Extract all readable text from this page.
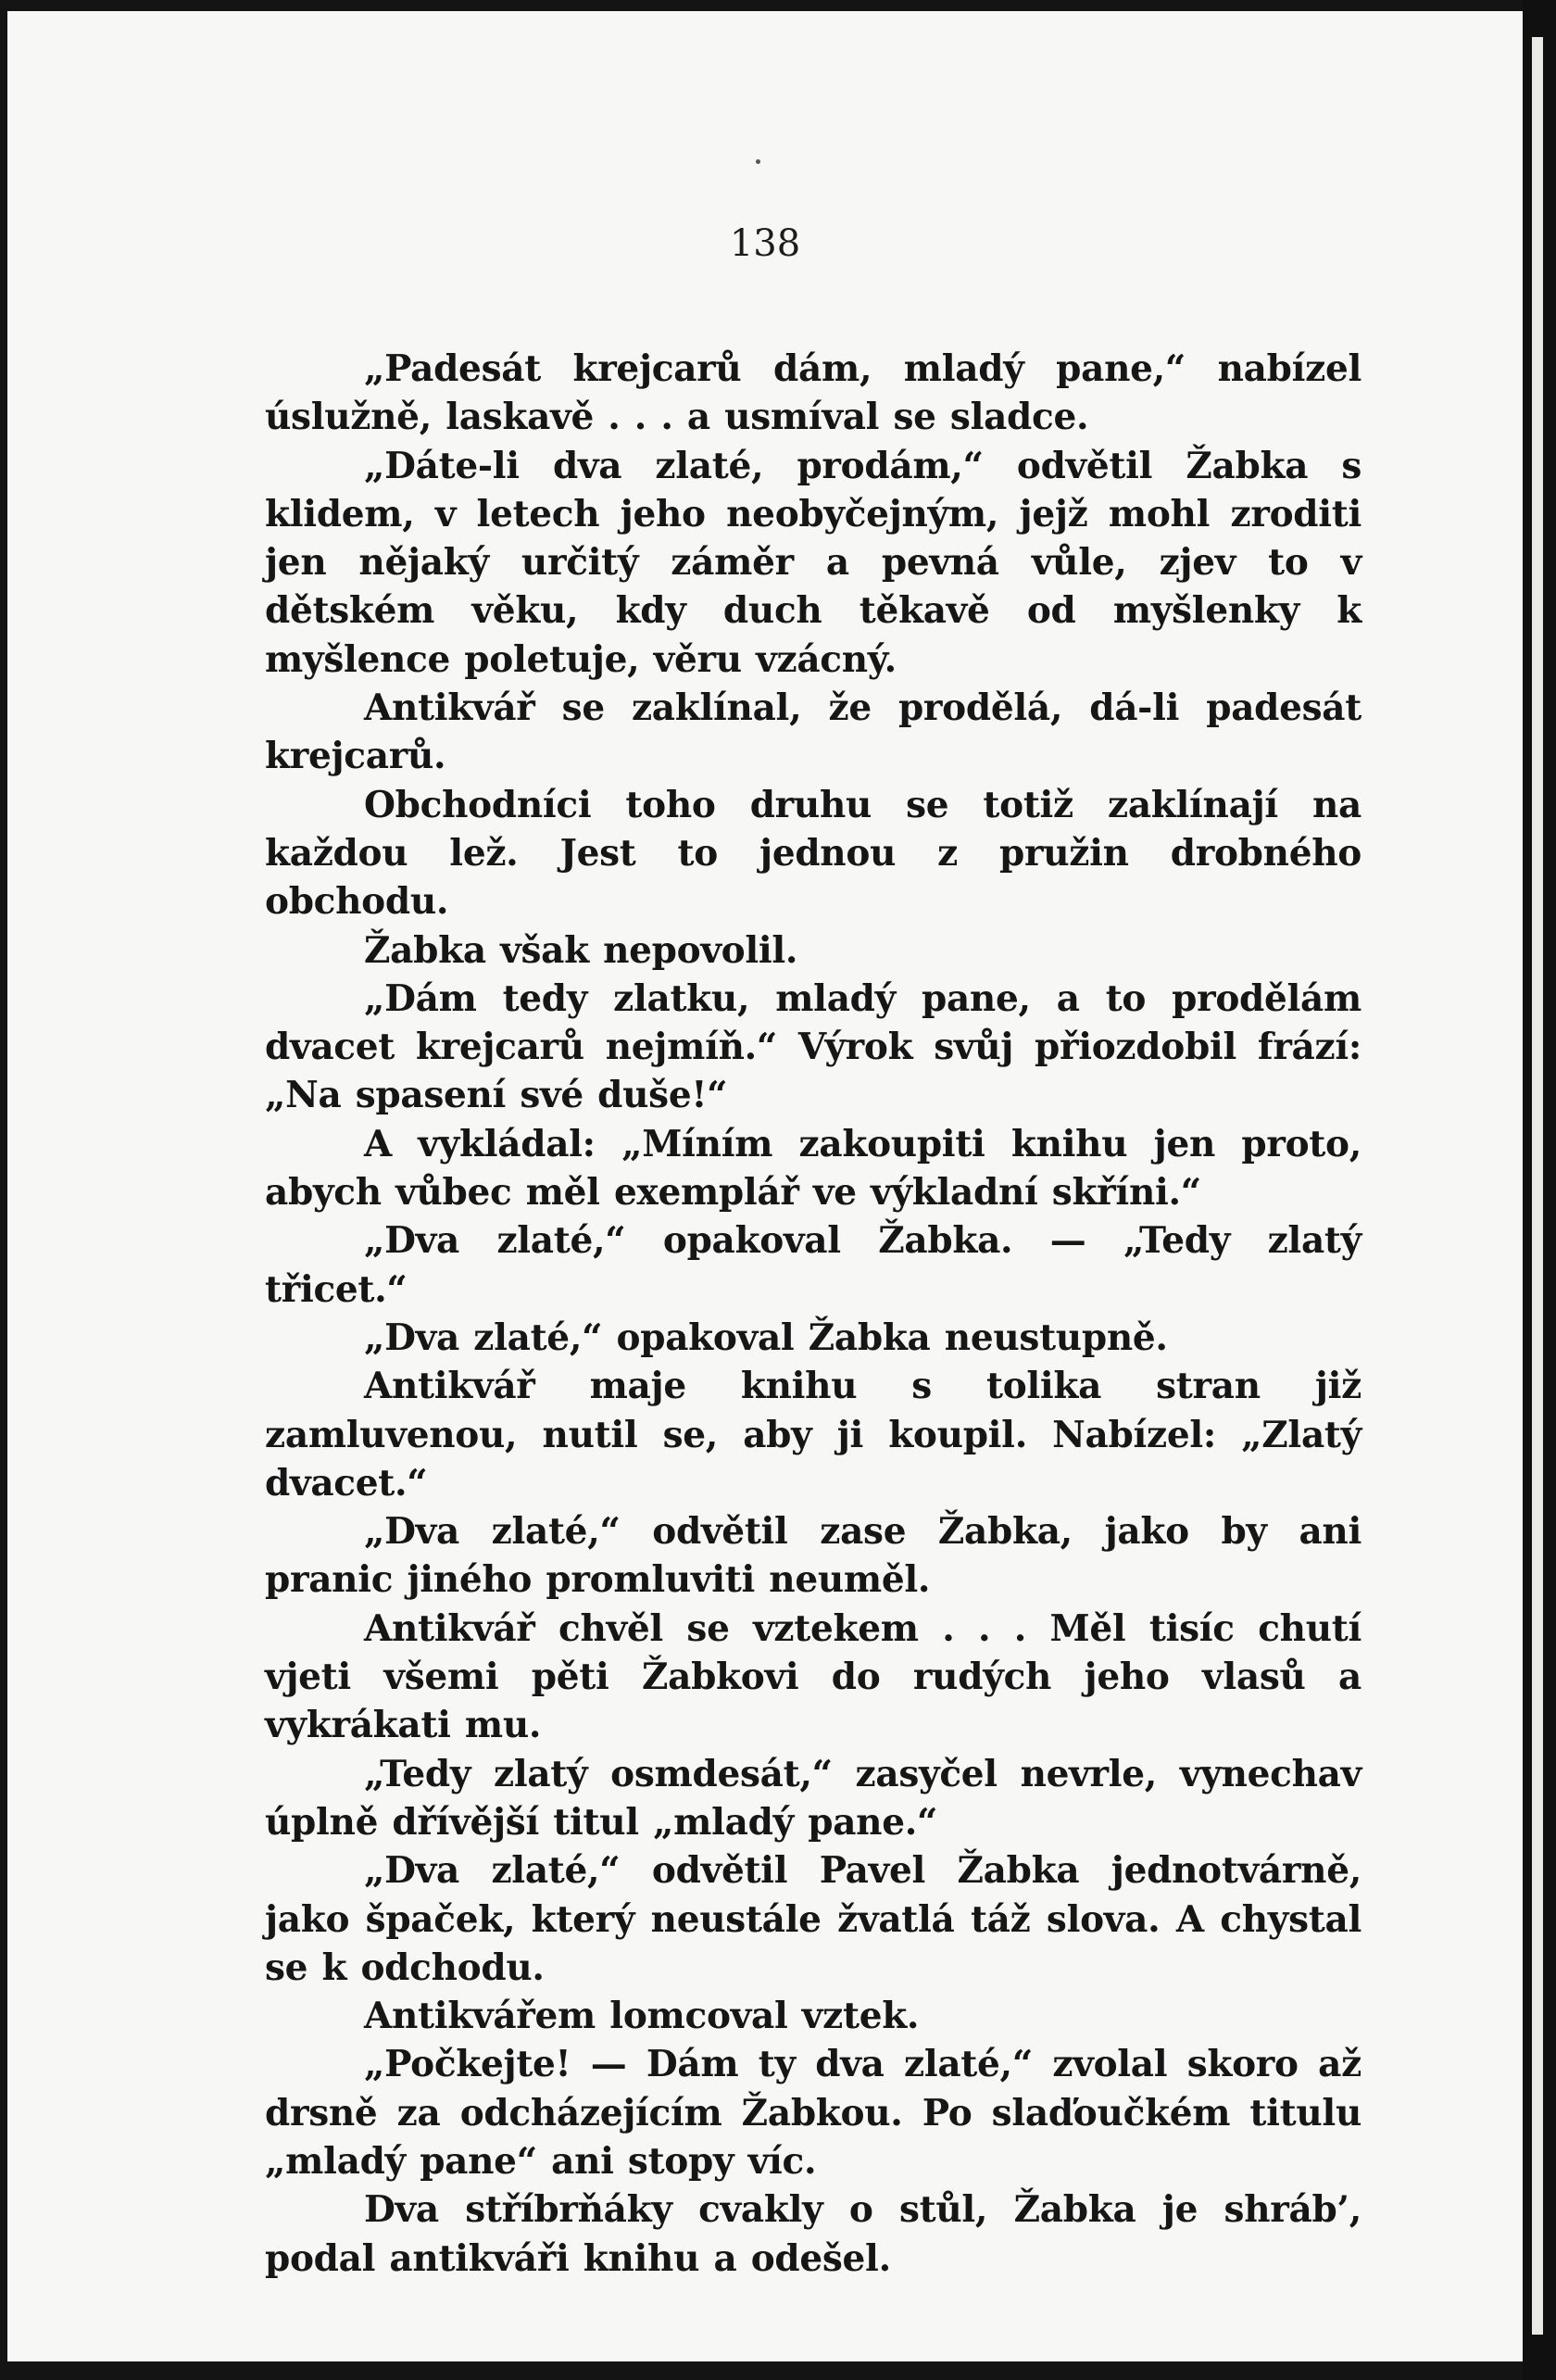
138

„Padesát krejcarů dám, mladý pane,“ nabízel úslužně, laskavě . . . a usmíval se sladce.

„Dáte-li dva zlaté, prodám,“ odvětil Žabka s klidem, v letech jeho neobyčejným, jejž mohl zroditi jen nějaký určitý záměr a pevná vůle, zjev to v dětském věku, kdy duch těkavě od myšlenky k myšlence poletuje, věru vzácný.

Antikvář se zaklínal, že prodělá, dá-li padesát krejcarů.

Obchodníci toho druhu se totiž zaklínají na každou lež. Jest to jednou z pružin drobného obchodu.

Žabka však nepovolil.

„Dám tedy zlatku, mladý pane, a to prodělám dvacet krejcarů nejmíň.“ Výrok svůj přiozdobil frází: „Na spasení své duše!“

A vykládal: „Míním zakoupiti knihu jen proto, abych vůbec měl exemplář ve výkladní skříni.“

„Dva zlaté,“ opakoval Žabka. — „Tedy zlatý třicet.“

„Dva zlaté,“ opakoval Žabka neustupně.

Antikvář maje knihu s tolika stran již zamluvenou, nutil se, aby ji koupil. Nabízel: „Zlatý dvacet.“

„Dva zlaté,“ odvětil zase Žabka, jako by ani pranic jiného promluviti neuměl.

Antikvář chvěl se vztekem . . . Měl tisíc chutí vjeti všemi pěti Žabkovi do rudých jeho vlasů a vykrákati mu.

„Tedy zlatý osmdesát,“ zasyčel nevrle, vynechav úplně dřívější titul „mladý pane.“

„Dva zlaté,“ odvětil Pavel Žabka jednotvárně, jako špaček, který neustále žvatlá táž slova. A chystal se k odchodu.

Antikvářem lomcoval vztek.

„Počkejte! — Dám ty dva zlaté,“ zvolal skoro až drsně za odcházejícím Žabkou. Po slaďoučkém titulu „mladý pane“ ani stopy víc.

Dva stříbrňáky cvakly o stůl, Žabka je shráb’, podal antikváři knihu a odešel.
